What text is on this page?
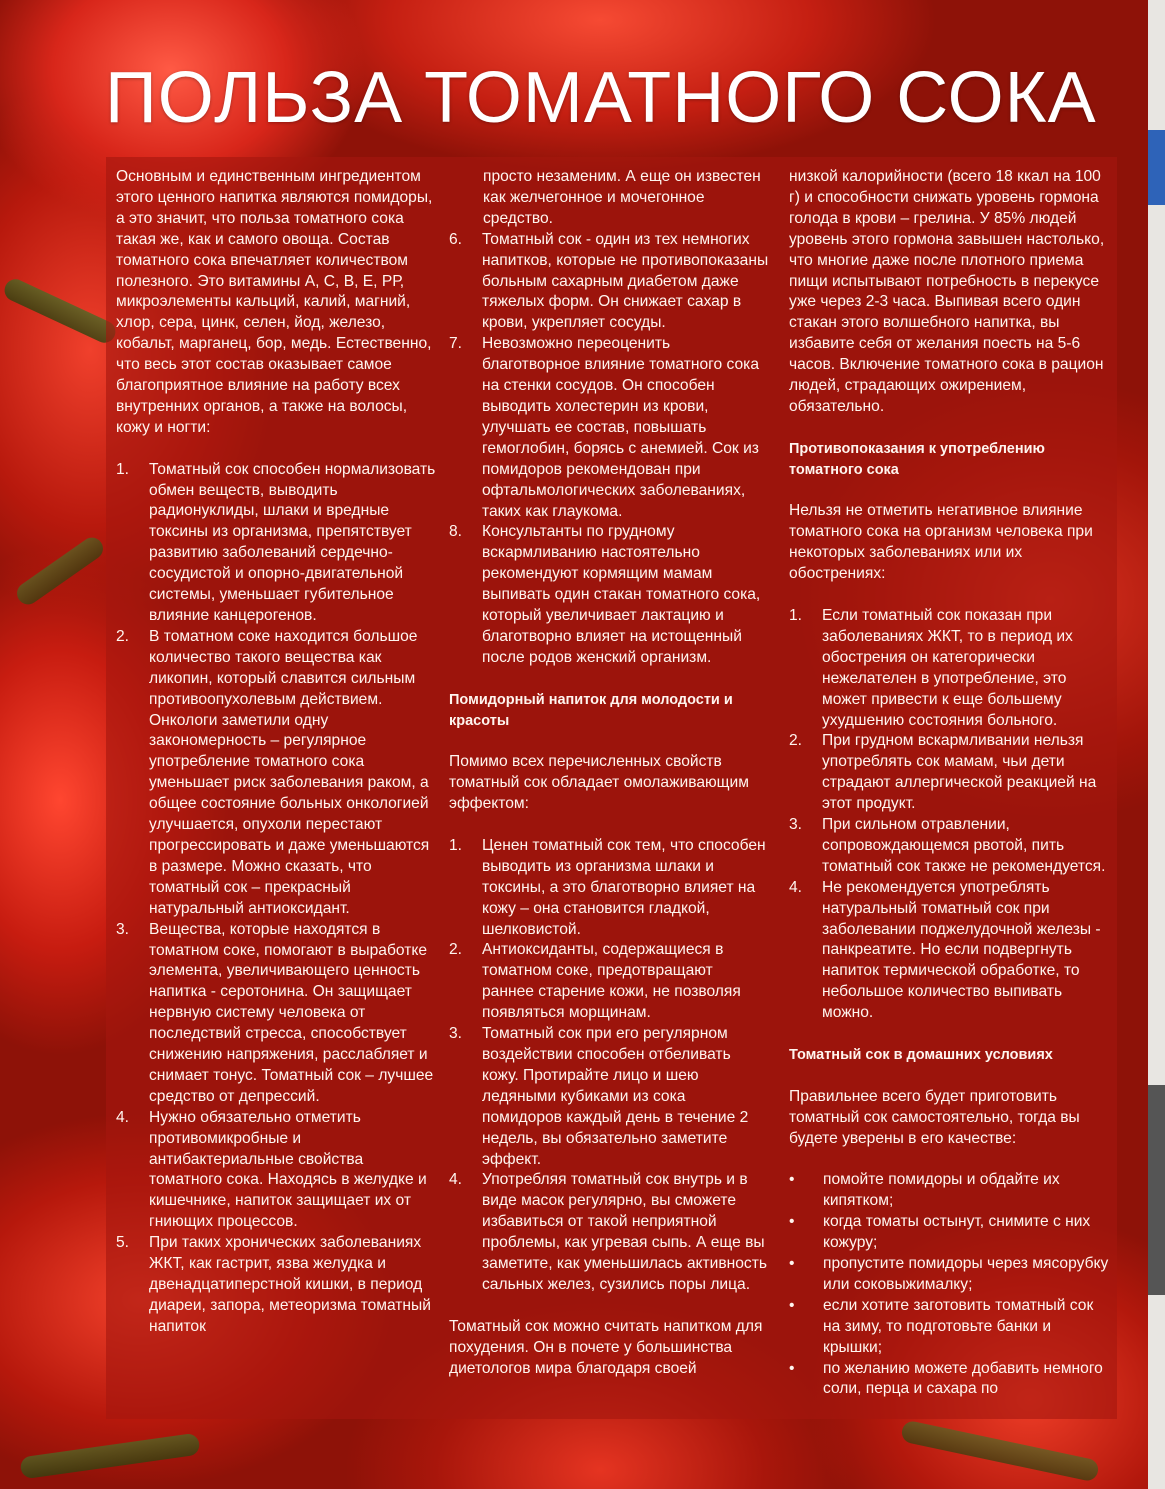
ПОЛЬЗА ТОМАТНОГО СОКА

Основным и единственным ингредиентом этого ценного напитка являются помидоры, а это значит, что польза томатного сока такая же, как и самого овоща. Состав томатного сока впечатляет количеством полезного. Это витамины А, С, В, Е, РР, микроэлементы кальций, калий, магний, хлор, сера, цинк, селен, йод, железо, кобальт, марганец, бор, медь. Естественно, что весь этот состав оказывает самое благоприятное влияние на работу всех внутренних органов, а также на волосы, кожу и ногти:

1. Томатный сок способен нормализовать обмен веществ, выводить радионуклиды, шлаки и вредные токсины из организма, препятствует развитию заболеваний сердечно-сосудистой и опорно-двигательной системы, уменьшает губительное влияние канцерогенов.
2. В томатном соке находится большое количество такого вещества как ликопин, который славится сильным противоопухолевым действием. Онкологи заметили одну закономерность – регулярное употребление томатного сока уменьшает риск заболевания раком, а общее состояние больных онкологией улучшается, опухоли перестают прогрессировать и даже уменьшаются в размере. Можно сказать, что томатный сок – прекрасный натуральный антиоксидант.
3. Вещества, которые находятся в томатном соке, помогают в выработке элемента, увеличивающего ценность напитка - серотонина. Он защищает нервную систему человека от последствий стресса, способствует снижению напряжения, расслабляет и снимает тонус. Томатный сок – лучшее средство от депрессий.
4. Нужно обязательно отметить противомикробные и антибактериальные свойства томатного сока. Находясь в желудке и кишечнике, напиток защищает их от гниющих процессов.
5. При таких хронических заболеваниях ЖКТ, как гастрит, язва желудка и двенадцатиперстной кишки, в период диареи, запора, метеоризма томатный напиток

просто незаменим. А еще он известен как желчегонное и мочегонное средство.

6. Томатный сок - один из тех немногих напитков, которые не противопоказаны больным сахарным диабетом даже тяжелых форм. Он снижает сахар в крови, укрепляет сосуды.
7. Невозможно переоценить благотворное влияние томатного сока на стенки сосудов. Он способен выводить холестерин из крови, улучшать ее состав, повышать гемоглобин, борясь с анемией. Сок из помидоров рекомендован при офтальмологических заболеваниях, таких как глаукома.
8. Консультанты по грудному вскармливанию настоятельно рекомендуют кормящим мамам выпивать один стакан томатного сока, который увеличивает лактацию и благотворно влияет на истощенный после родов женский организм.
Помидорный напиток для молодости и красоты

Помимо всех перечисленных свойств томатный сок обладает омолаживающим эффектом:

1. Ценен томатный сок тем, что способен выводить из организма шлаки и токсины, а это благотворно влияет на кожу – она становится гладкой, шелковистой.
2. Антиоксиданты, содержащиеся в томатном соке, предотвращают раннее старение кожи, не позволяя появляться морщинам.
3. Томатный сок при его регулярном воздействии способен отбеливать кожу. Протирайте лицо и шею ледяными кубиками из сока помидоров каждый день в течение 2 недель, вы обязательно заметите эффект.
4. Употребляя томатный сок внутрь и в виде масок регулярно, вы сможете избавиться от такой неприятной проблемы, как угревая сыпь. А еще вы заметите, как уменьшилась активность сальных желез, сузились поры лица.

Томатный сок можно считать напитком для похудения. Он в почете у большинства диетологов мира благодаря своей

низкой калорийности (всего 18 ккал на 100 г) и способности снижать уровень гормона голода в крови – грелина. У 85% людей уровень этого гормона завышен настолько, что многие даже после плотного приема пищи испытывают потребность в перекусе уже через 2-3 часа. Выпивая всего один стакан этого волшебного напитка, вы избавите себя от желания поесть на 5-6 часов. Включение томатного сока в рацион людей, страдающих ожирением, обязательно.

Противопоказания к употреблению томатного сока

Нельзя не отметить негативное влияние томатного сока на организм человека при некоторых заболеваниях или их обострениях:

1. Если томатный сок показан при заболеваниях ЖКТ, то в период их обострения он категорически нежелателен в употребление, это может привести к еще большему ухудшению состояния больного.
2. При грудном вскармливании нельзя употреблять сок мамам, чьи дети страдают аллергической реакцией на этот продукт.
3. При сильном отравлении, сопровождающемся рвотой, пить томатный сок также не рекомендуется.
4. Не рекомендуется употреблять натуральный томатный сок при заболевании поджелудочной железы - панкреатите. Но если подвергнуть напиток термической обработке, то небольшое количество выпивать можно.
Томатный сок в домашних условиях

Правильнее всего будет приготовить томатный сок самостоятельно, тогда вы будете уверены в его качестве:

• помойте помидоры и обдайте их кипятком;
• когда томаты остынут, снимите с них кожуру;
• пропустите помидоры через мясорубку или соковыжималку;
• если хотите заготовить томатный сок на зиму, то подготовьте банки и крышки;
• по желанию можете добавить немного соли, перца и сахара по
